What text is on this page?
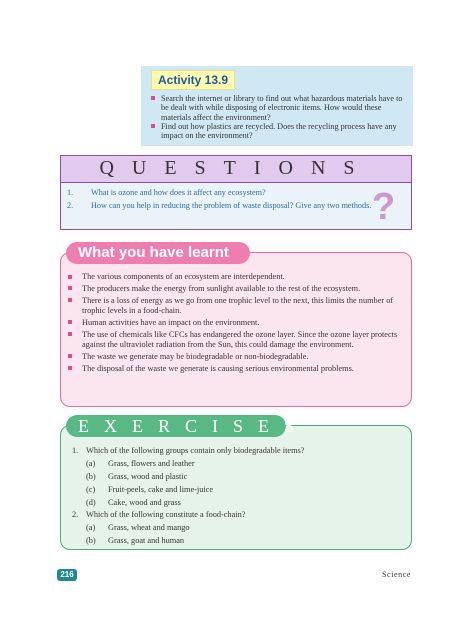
Activity 13.9
Search the internet or library to find out what hazardous materials have to be dealt with while disposing of electronic items. How would these materials affect the environment?
Find out how plastics are recycled. Does the recycling process have any impact on the environment?
QUESTIONS
1.	What is ozone and how does it affect any ecosystem?
2.	How can you help in reducing the problem of waste disposal? Give any two methods. ?
What you have learnt
The various components of an ecosystem are interdependent.
The producers make the energy from sunlight available to the rest of the ecosystem.
There is a loss of energy as we go from one trophic level to the next, this limits the number of trophic levels in a food-chain.
Human activities have an impact on the environment.
The use of chemicals like CFCs has endangered the ozone layer. Since the ozone layer protects against the ultraviolet radiation from the Sun, this could damage the environment.
The waste we generate may be biodegradable or non-biodegradable.
The disposal of the waste we generate is causing serious environmental problems.
EXERCISES
1. Which of the following groups contain only biodegradable items?
(a) Grass, flowers and leather
(b) Grass, wood and plastic
(c) Fruit-peels, cake and lime-juice
(d) Cake, wood and grass
2. Which of the following constitute a food-chain?
(a) Grass, wheat and mango
(b) Grass, goat and human
216	Science
